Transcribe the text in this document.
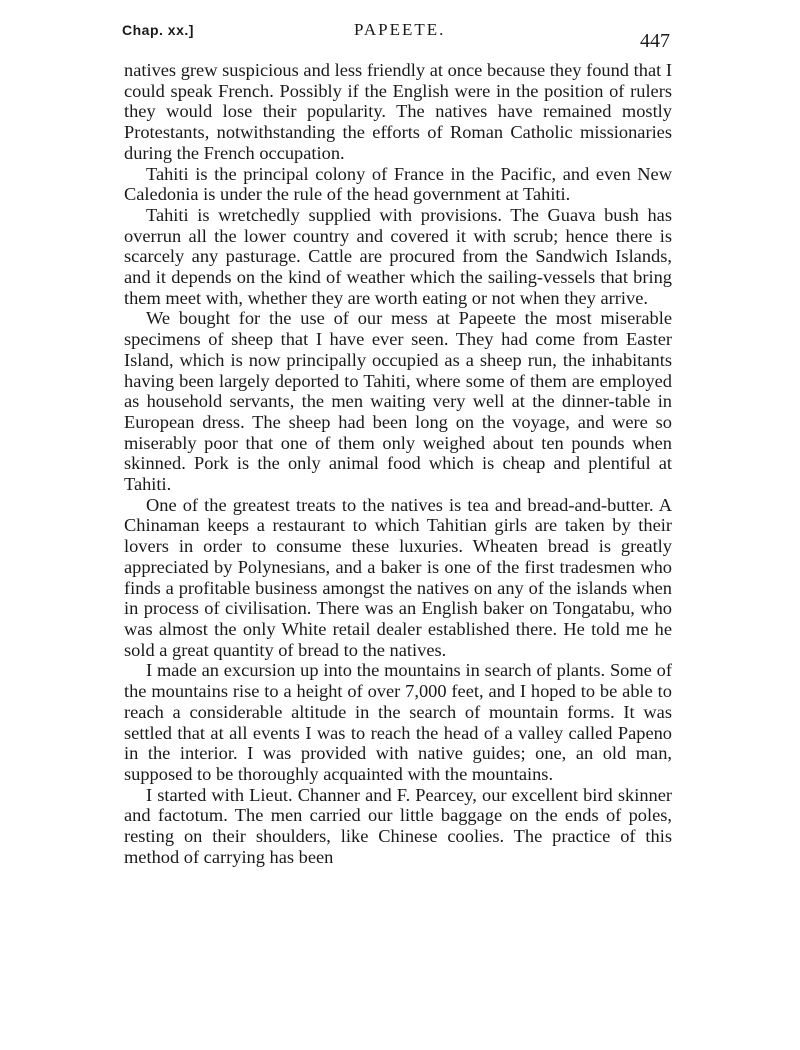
Chap. xx.]	PAPEETE.
447

natives grew suspicious and less friendly at once because they found that I could speak French. Possibly if the English were in the position of rulers they would lose their popularity. The natives have remained mostly Protestants, notwithstanding the efforts of Roman Catholic missionaries during the French occupation.

Tahiti is the principal colony of France in the Pacific, and even New Caledonia is under the rule of the head government at Tahiti.

Tahiti is wretchedly supplied with provisions. The Guava bush has overrun all the lower country and covered it with scrub; hence there is scarcely any pasturage. Cattle are procured from the Sandwich Islands, and it depends on the kind of weather which the sailing-vessels that bring them meet with, whether they are worth eating or not when they arrive.

We bought for the use of our mess at Papeete the most miserable specimens of sheep that I have ever seen. They had come from Easter Island, which is now principally occupied as a sheep run, the inhabitants having been largely deported to Tahiti, where some of them are employed as household servants, the men waiting very well at the dinner-table in European dress. The sheep had been long on the voyage, and were so miserably poor that one of them only weighed about ten pounds when skinned. Pork is the only animal food which is cheap and plentiful at Tahiti.

One of the greatest treats to the natives is tea and bread-and-butter. A Chinaman keeps a restaurant to which Tahitian girls are taken by their lovers in order to consume these luxuries. Wheaten bread is greatly appreciated by Polynesians, and a baker is one of the first tradesmen who finds a profitable business amongst the natives on any of the islands when in process of civilisation. There was an English baker on Tongatabu, who was almost the only White retail dealer established there. He told me he sold a great quantity of bread to the natives.

I made an excursion up into the mountains in search of plants. Some of the mountains rise to a height of over 7,000 feet, and I hoped to be able to reach a considerable altitude in the search of mountain forms. It was settled that at all events I was to reach the head of a valley called Papeno in the interior. I was provided with native guides; one, an old man, supposed to be thoroughly acquainted with the mountains.

I started with Lieut. Channer and F. Pearcey, our excellent bird skinner and factotum. The men carried our little baggage on the ends of poles, resting on their shoulders, like Chinese coolies. The practice of this method of carrying has been
